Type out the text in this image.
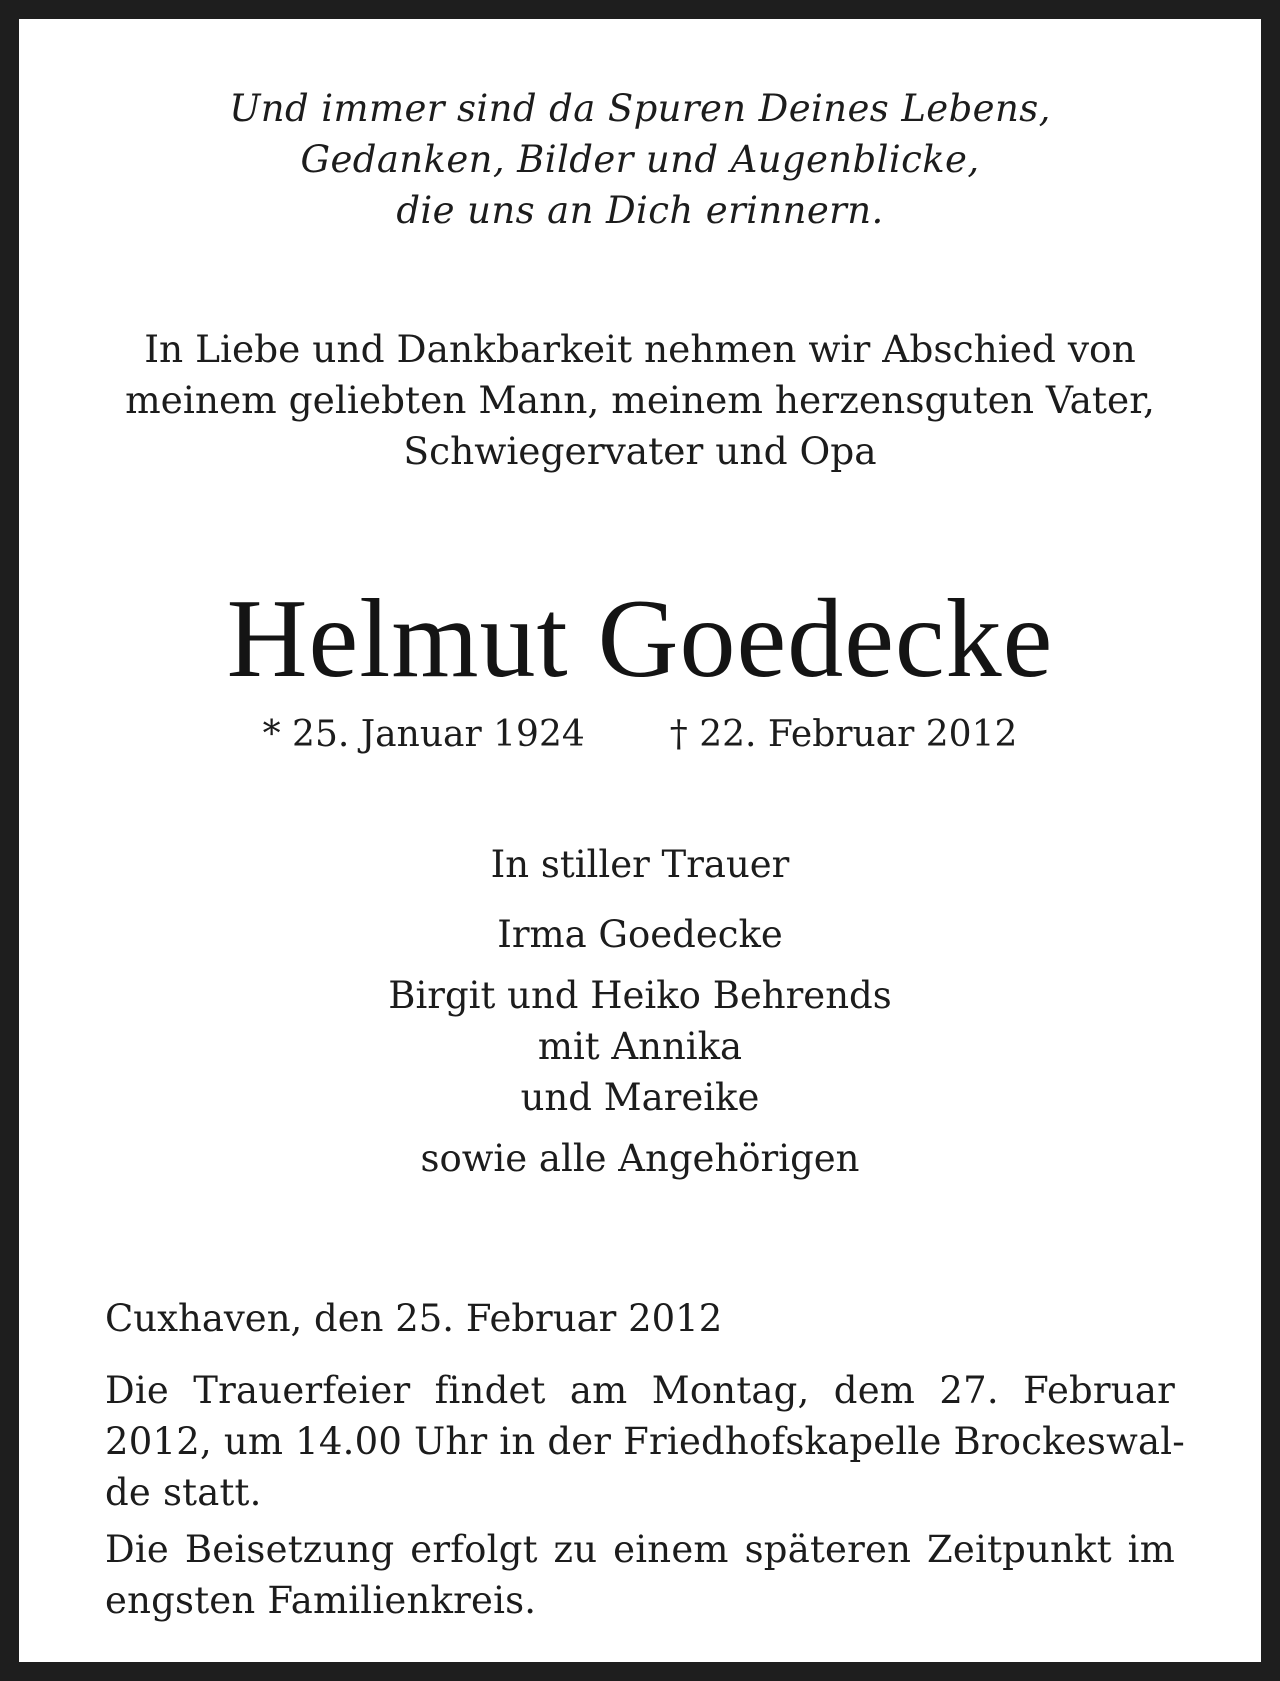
Und immer sind da Spuren Deines Lebens,
Gedanken, Bilder und Augenblicke,
die uns an Dich erinnern.
In Liebe und Dankbarkeit nehmen wir Abschied von
meinem geliebten Mann, meinem herzensguten Vater,
Schwiegervater und Opa
Helmut Goedecke
* 25. Januar 1924 † 22. Februar 2012
In stiller Trauer
Irma Goedecke
Birgit und Heiko Behrends
mit Annika
und Mareike
sowie alle Angehörigen
Cuxhaven, den 25. Februar 2012
Die Trauerfeier findet am Montag, dem 27. Februar
2012, um 14.00 Uhr in der Friedhofskapelle Brockeswal-
de statt.
Die Beisetzung erfolgt zu einem späteren Zeitpunkt im
engsten Familienkreis.
